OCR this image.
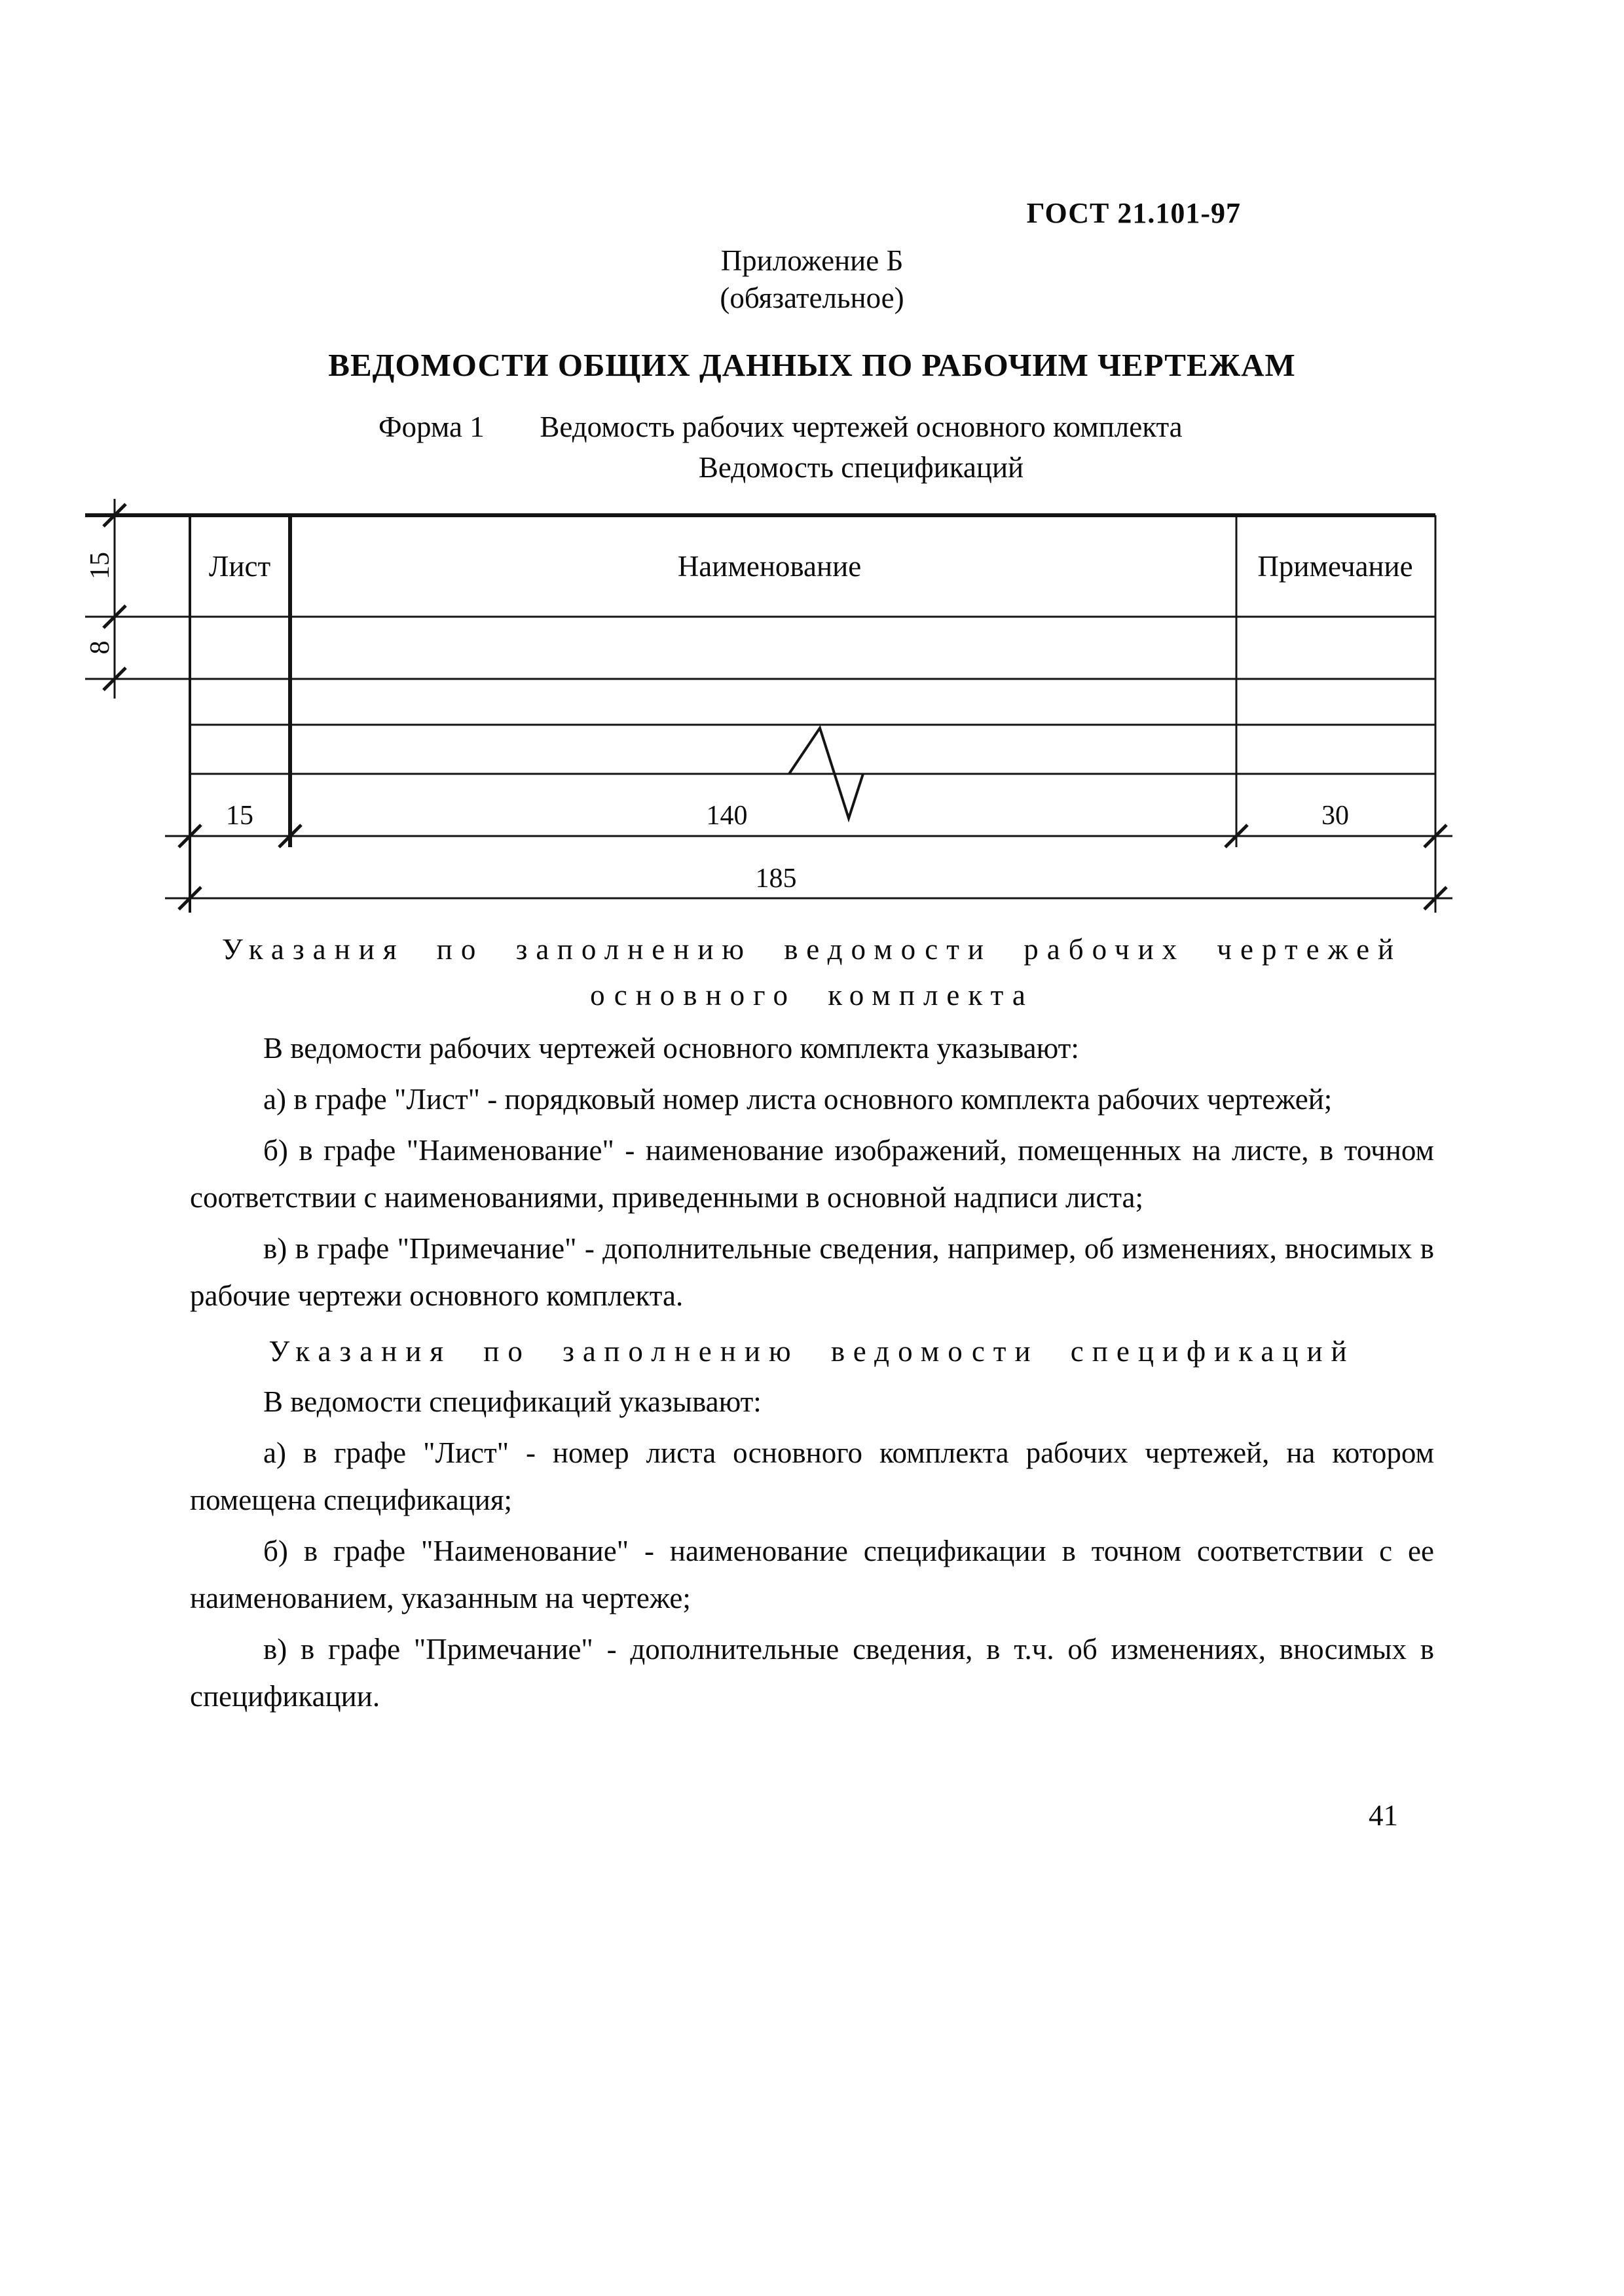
ГОСТ 21.101-97
Приложение Б
(обязательное)
ВЕДОМОСТИ ОБЩИХ ДАННЫХ ПО РАБОЧИМ ЧЕРТЕЖАМ
Форма 1	Ведомость рабочих чертежей основного комплекта
Ведомость спецификаций
Лист	Наименование	Примечание
15
8
15	140	30
185
Указания по заполнению ведомости рабочих чертежей
основного комплекта

В ведомости рабочих чертежей основного комплекта указывают:

а) в графе "Лист" - порядковый номер листа основного комплекта рабочих чертежей;

б) в графе "Наименование" - наименование изображений, помещенных на листе, в точном соответствии с наименованиями, приведенными в основной надписи листа;

в) в графе "Примечание" - дополнительные сведения, например, об изменениях, вносимых в рабочие чертежи основного комплекта.

Указания по заполнению ведомости спецификаций

В ведомости спецификаций указывают:

а) в графе "Лист" - номер листа основного комплекта рабочих чертежей, на котором помещена спецификация;

б) в графе "Наименование" - наименование спецификации в точном соответствии с ее наименованием, указанным на чертеже;

в) в графе "Примечание" - дополнительные сведения, в т.ч. об изменениях, вносимых в спецификации.

41
